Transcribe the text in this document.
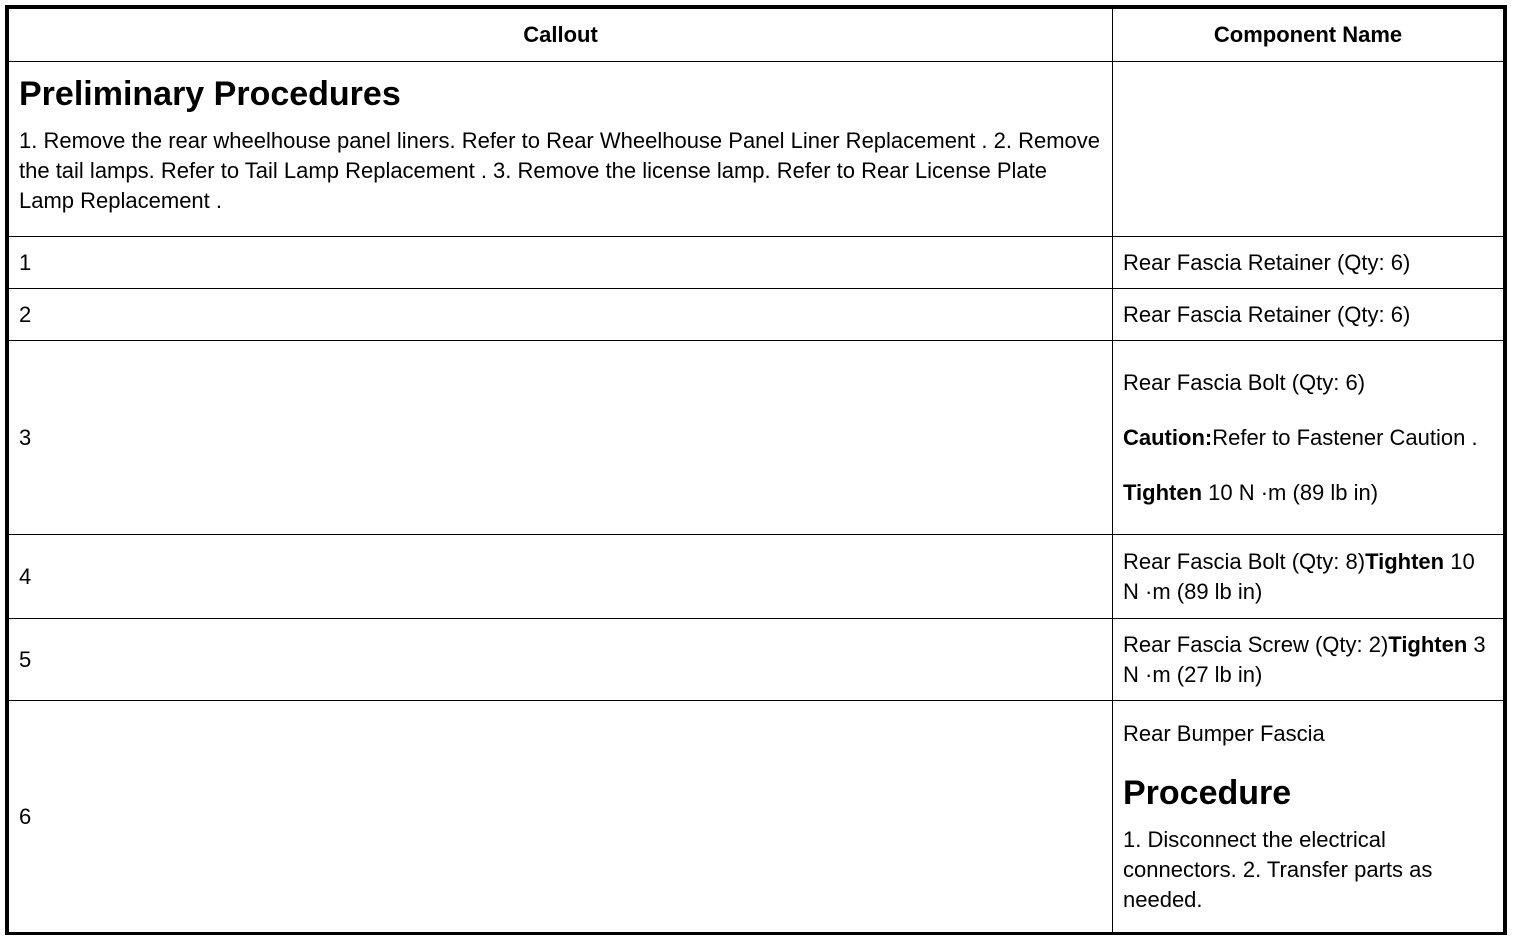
Callout	Component Name

Preliminary Procedures

1. Remove the rear wheelhouse panel liners. Refer to Rear Wheelhouse Panel Liner Replacement . 2. Remove the tail lamps. Refer to Tail Lamp Replacement . 3. Remove the license lamp. Refer to Rear License Plate Lamp Replacement .	

1	Rear Fascia Retainer (Qty: 6)
2	Rear Fascia Retainer (Qty: 6)
3	Rear Fascia Bolt (Qty: 6)

Caution:Refer to Fastener Caution .

Tighten 10 N ·m (89 lb in)

4	Rear Fascia Bolt (Qty: 8)Tighten 10 N ·m (89 lb in)

5	Rear Fascia Screw (Qty: 2)Tighten 3 N ·m (27 lb in)

6	Rear Bumper Fascia

Procedure

1. Disconnect the electrical connectors. 2. Transfer parts as needed.
